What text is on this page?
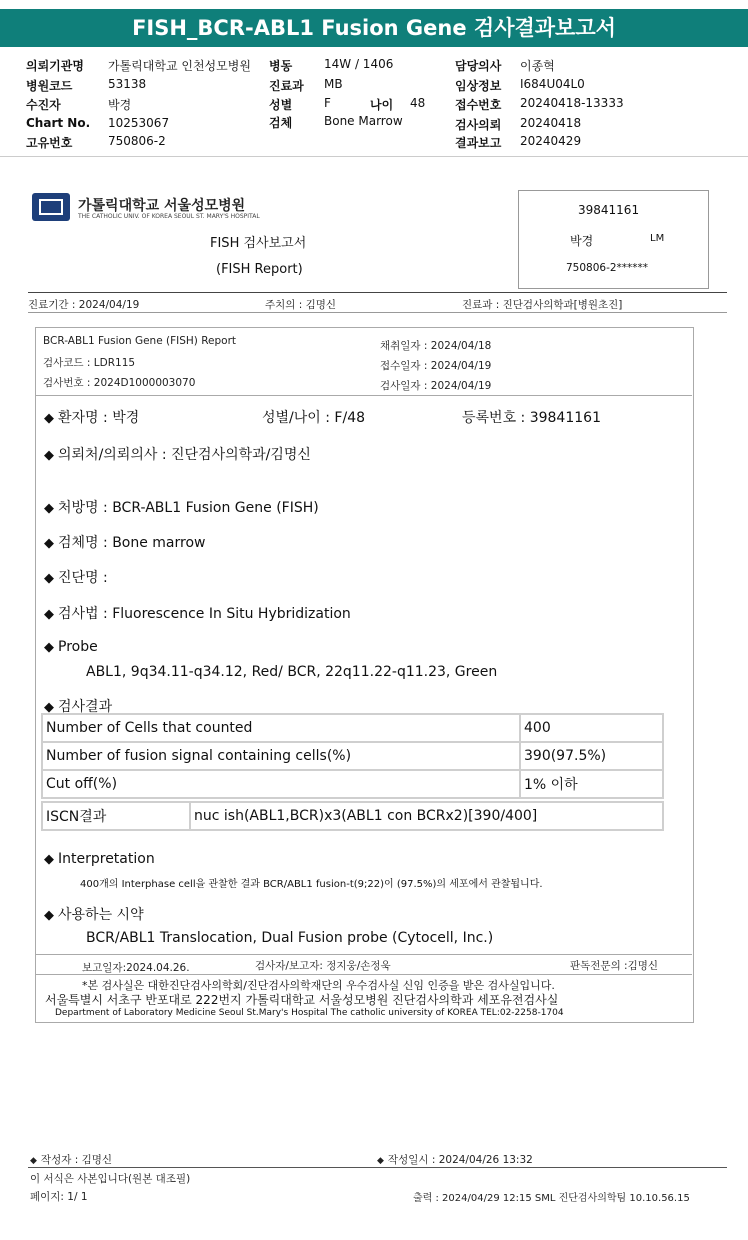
FISH_BCR-ABL1 Fusion Gene 검사결과보고서
의뢰기관명 가톨릭대학교 인천성모병원
병원코드	53138
수진자	박경
Chart No. 10253067
고유번호	750806-2
병동	14W / 1406
진료과 MB
성별	F	나이 48
검체	Bone Marrow
담당의사 이종혁
임상정보 I684U04L0
접수번호 20240418-13333
검사의뢰 20240418
결과보고 20240429
가톨릭대학교 서울성모병원
THE CATHOLIC UNIV. OF KOREA SEOUL ST. MARY'S HOSPITAL
FISH 검사보고서
(FISH Report)
39841161
박경	LM
750806-2******
진료기간 : 2024/04/19	주치의 : 김명신	진료과 : 진단검사의학과[병원초진]
BCR-ABL1 Fusion Gene (FISH) Report
검사코드 : LDR115
검사번호 : 2024D1000003070
채취일자 : 2024/04/18
접수일자 : 2024/04/19
검사일자 : 2024/04/19
◆ 환자명 : 박경	성별/나이 : F/48	등록번호 : 39841161
◆ 의뢰처/의뢰의사 : 진단검사의학과/김명신
◆ 처방명 : BCR-ABL1 Fusion Gene (FISH)
◆ 검체명 : Bone marrow
◆ 진단명 :
◆ 검사법 : Fluorescence In Situ Hybridization
◆ Probe
ABL1, 9q34.11-q34.12, Red/ BCR, 22q11.22-q11.23, Green
◆ 검사결과
Number of Cells that counted	400
Number of fusion signal containing cells(%)	390(97.5%)
Cut off(%)	1% 이하
ISCN결과	nuc ish(ABL1,BCR)x3(ABL1 con BCRx2)[390/400]
◆ Interpretation
400개의 Interphase cell을 관찰한 결과 BCR/ABL1 fusion-t(9;22)이 (97.5%)의 세포에서 관찰됩니다.
◆ 사용하는 시약
BCR/ABL1 Translocation, Dual Fusion probe (Cytocell, Inc.)
보고일자:2024.04.26.	검사자/보고자: 정지웅/손정욱	판독전문의 :김명신
*본 검사실은 대한진단검사의학회/진단검사의학재단의 우수검사실 신임 인증을 받은 검사실입니다.
서울특별시 서초구 반포대로 222번지 가톨릭대학교 서울성모병원 진단검사의학과 세포유전검사실
Department of Laboratory Medicine Seoul St.Mary's Hospital The catholic university of KOREA TEL:02-2258-1704
◆ 작성자 : 김명신	◆ 작성일시 : 2024/04/26 13:32
이 서식은 사본입니다(원본 대조필)
페이지: 1/ 1	출력 : 2024/04/29 12:15 SML 진단검사의학팀 10.10.56.15
